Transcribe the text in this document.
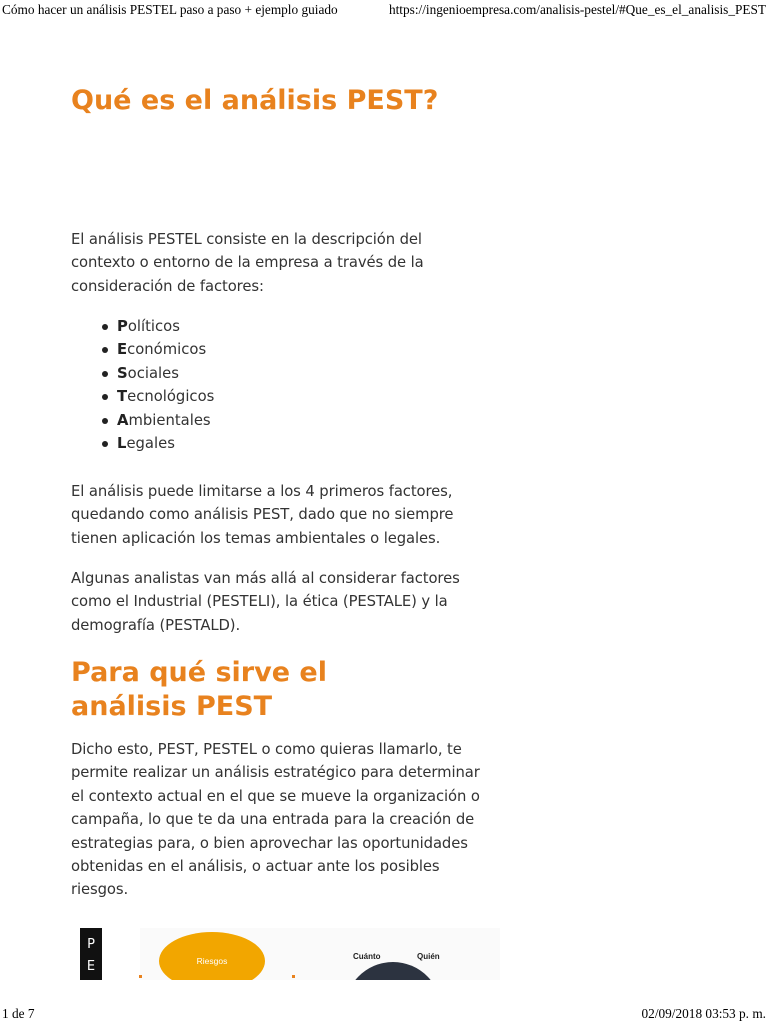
Cómo hacer un análisis PESTEL paso a paso + ejemplo guiado	https://ingenioempresa.com/analisis-pestel/#Que_es_el_analisis_PEST
Qué es el análisis PEST?

El análisis PESTEL consiste en la descripción del contexto o entorno de la empresa a través de la consideración de factores:

Políticos
Económicos
Sociales
Tecnológicos
Ambientales
Legales

El análisis puede limitarse a los 4 primeros factores, quedando como análisis PEST, dado que no siempre tienen aplicación los temas ambientales o legales.

Algunas analistas van más allá al considerar factores como el Industrial (PESTELI), la ética (PESTALE) y la demografía (PESTALD).

Para qué sirve el análisis PEST

Dicho esto, PEST, PESTEL o como quieras llamarlo, te permite realizar un análisis estratégico para determinar el contexto actual en el que se mueve la organización o campaña, lo que te da una entrada para la creación de estrategias para, o bien aprovechar las oportunidades obtenidas en el análisis, o actuar ante los posibles riesgos.

P
E	Riesgos	Cuánto	Quién
1 de 7	02/09/2018 03:53 p. m.
